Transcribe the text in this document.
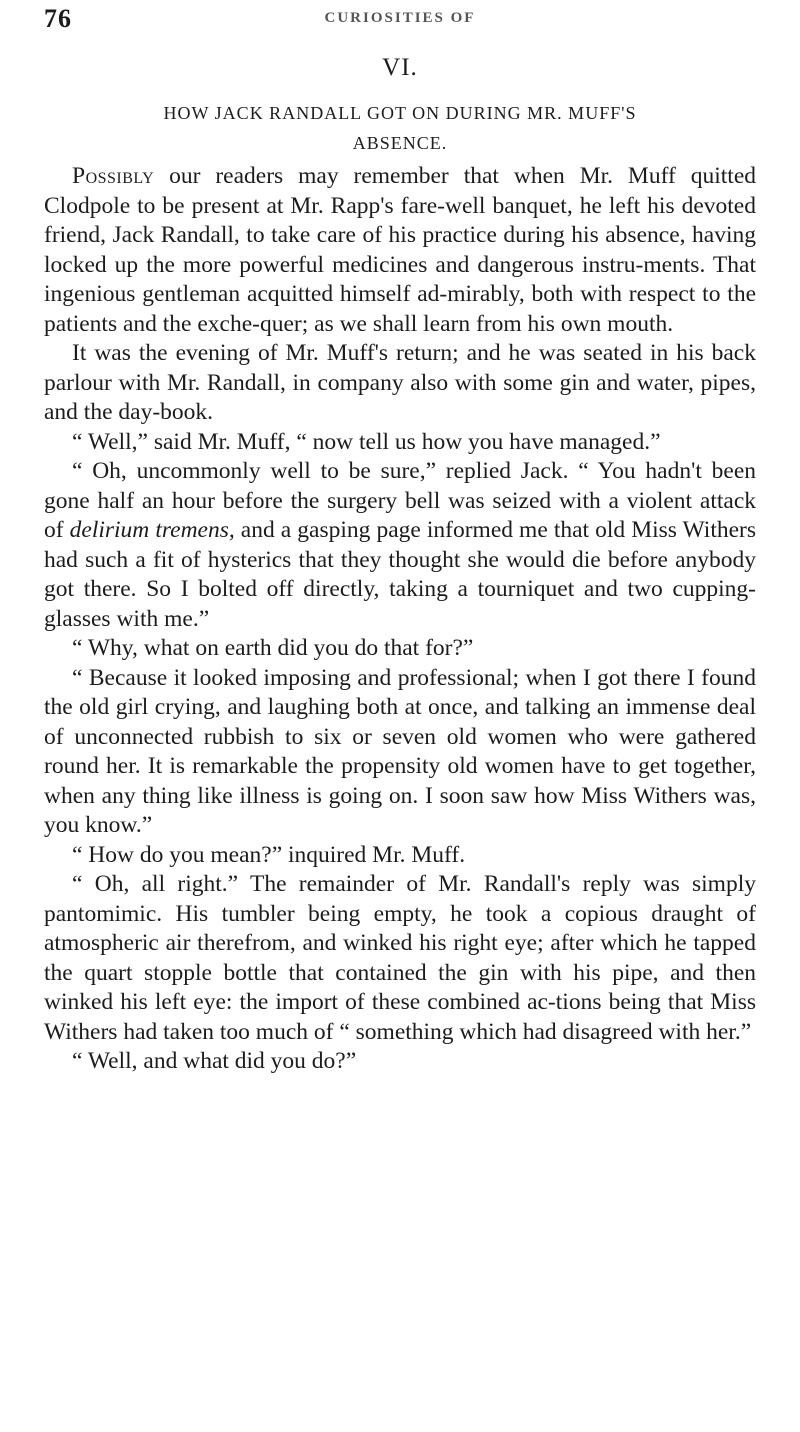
76	CURIOSITIES OF
VI.
HOW JACK RANDALL GOT ON DURING MR. MUFF'S
ABSENCE.

Possibly our readers may remember that when Mr. Muff quitted Clodpole to be present at Mr. Rapp's fare-well banquet, he left his devoted friend, Jack Randall, to take care of his practice during his absence, having locked up the more powerful medicines and dangerous instru-ments. That ingenious gentleman acquitted himself ad-mirably, both with respect to the patients and the exche-quer; as we shall learn from his own mouth.

It was the evening of Mr. Muff's return; and he was seated in his back parlour with Mr. Randall, in company also with some gin and water, pipes, and the day-book.

“ Well,” said Mr. Muff, “ now tell us how you have managed.”

“ Oh, uncommonly well to be sure,” replied Jack. “ You hadn't been gone half an hour before the surgery bell was seized with a violent attack of delirium tremens, and a gasping page informed me that old Miss Withers had such a fit of hysterics that they thought she would die before anybody got there. So I bolted off directly, taking a tourniquet and two cupping-glasses with me.”

“ Why, what on earth did you do that for?”

“ Because it looked imposing and professional; when I got there I found the old girl crying, and laughing both at once, and talking an immense deal of unconnected rubbish to six or seven old women who were gathered round her. It is remarkable the propensity old women have to get together, when any thing like illness is going on. I soon saw how Miss Withers was, you know.”

“ How do you mean?” inquired Mr. Muff.

“ Oh, all right.” The remainder of Mr. Randall's reply was simply pantomimic. His tumbler being empty, he took a copious draught of atmospheric air therefrom, and winked his right eye; after which he tapped the quart stopple bottle that contained the gin with his pipe, and then winked his left eye: the import of these combined ac-tions being that Miss Withers had taken too much of “ something which had disagreed with her.”

“ Well, and what did you do?”
